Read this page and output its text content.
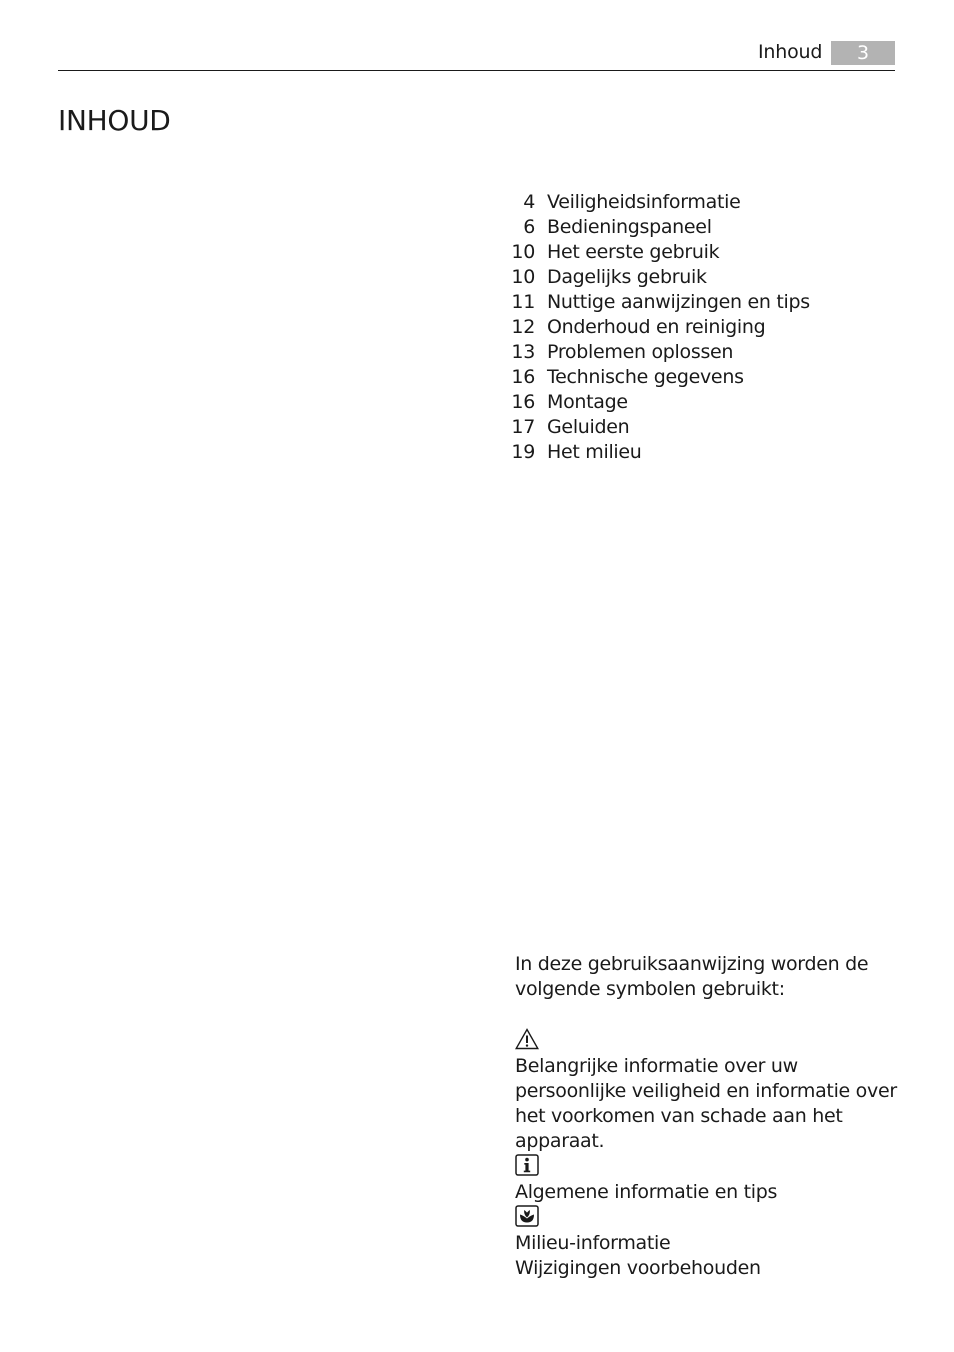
Inhoud	3
INHOUD
4 Veiligheidsinformatie
6 Bedieningspaneel
10 Het eerste gebruik
10 Dagelijks gebruik
11 Nuttige aanwijzingen en tips
12 Onderhoud en reiniging
13 Problemen oplossen
16 Technische gegevens
16 Montage
17 Geluiden
19 Het milieu

In deze gebruiksaanwijzing worden de volgende symbolen gebruikt:

Belangrijke informatie over uw persoonlijke veiligheid en informatie over het voorkomen van schade aan het apparaat.

Algemene informatie en tips

Milieu-informatie

Wijzigingen voorbehouden
